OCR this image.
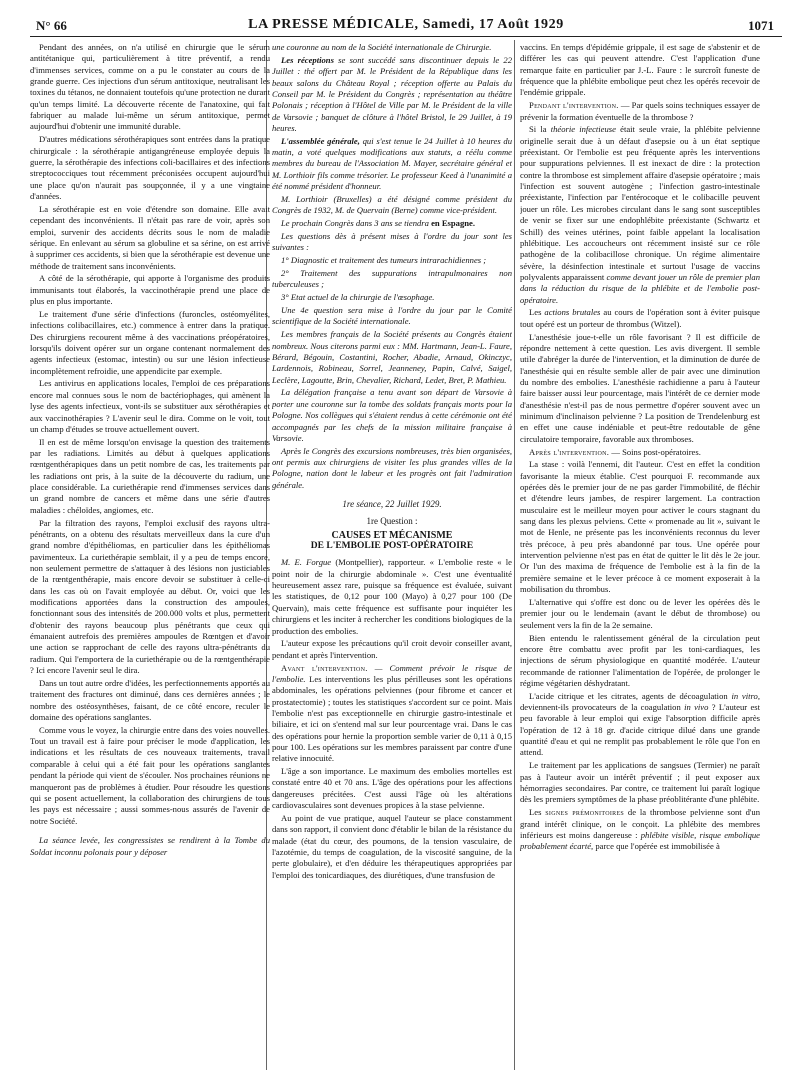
N° 66	LA PRESSE MÉDICALE, Samedi, 17 Août 1929	1071

Pendant des années, on n'a utilisé en chirurgie que le sérum antitétanique qui, particulièrement à titre préventif, a rendu d'immenses services, comme on a pu le constater au cours de la grande guerre. Ces injections d'un sérum antitoxique, neutralisant les toxines du tétanos, ne donnaient toutefois qu'une protection ne durant qu'un temps limité. La découverte récente de l'anatoxine, qui fait fabriquer au malade lui-même un sérum antitoxique, permet aujourd'hui d'obtenir une immunité durable.

D'autres médications sérothérapiques sont entrées dans la pratique chirurgicale : la sérothérapie antigangréneuse employée depuis la guerre, la sérothérapie des infections coli-bacillaires et des infections streptococciques tout récemment préconisées occupent aujourd'hui une place qu'on n'aurait pas soupçonnée, il y a une vingtaine d'années.

La sérothérapie est en voie d'étendre son domaine. Elle avait cependant des inconvénients. Il n'était pas rare de voir, après son emploi, survenir des accidents décrits sous le nom de maladie sérique. En enlevant au sérum sa globuline et sa sérine, on est arrivé à supprimer ces accidents, si bien que la sérothérapie est devenue une méthode de traitement sans inconvénients.

A côté de la sérothérapie, qui apporte à l'organisme des produits immunisants tout élaborés, la vaccinothérapie prend une place de plus en plus importante.

Le traitement d'une série d'infections (furoncles, ostéomyélites, infections colibacillaires, etc.) commence à entrer dans la pratique. Des chirurgiens recourent même à des vaccinations préopératoires, lorsqu'ils doivent opérer sur un organe contenant normalement des agents infectieux (estomac, intestin) ou sur une lésion infectieuse incomplètement refroidie, une appendicite par exemple.

Les antivirus en applications locales, l'emploi de ces préparations encore mal connues sous le nom de bactériophages, qui amènent la lyse des agents infectieux, vont-ils se substituer aux sérothérapies et aux vaccinothérapies ? L'avenir seul le dira. Comme on le voit, tout un champ d'études se trouve actuellement ouvert.

Il en est de même lorsqu'on envisage la question des traitements par les radiations. Limités au début à quelques applications rœntgenthérapiques dans un petit nombre de cas, les traitements par les radiations ont pris, à la suite de la découverte du radium, une place considérable. La curiethérapie rend d'immenses services dans un grand nombre de cancers et même dans une série d'autres maladies : chéloïdes, angiomes, etc.

Par la filtration des rayons, l'emploi exclusif des rayons ultra-pénétrants, on a obtenu des résultats merveilleux dans la cure d'un grand nombre d'épithéliomas, en particulier dans les épithéliomas pavimenteux. La curiethérapie semblait, il y a peu de temps encore, non seulement permettre de s'attaquer à des lésions non justiciables de la rœntgenthérapie, mais encore devoir se substituer à celle-ci dans les cas où on l'avait employée au début. Or, voici que les modifications apportées dans la construction des ampoules, fonctionnant sous des intensités de 200.000 volts et plus, permettent d'obtenir des rayons beaucoup plus pénétrants que ceux qui émanaient autrefois des premières ampoules de Rœntgen et d'avoir une action se rapprochant de celle des rayons ultra-pénétrants du radium. Qui l'emportera de la curiethérapie ou de la rœntgenthérapie ? Ici encore l'avenir seul le dira.

Dans un tout autre ordre d'idées, les perfectionnements apportés au traitement des fractures ont diminué, dans ces dernières années ; le nombre des ostéosynthèses, faisant, de ce côté encore, reculer le domaine des opérations sanglantes.

Comme vous le voyez, la chirurgie entre dans des voies nouvelles. Tout un travail est à faire pour préciser le mode d'application, les indications et les résultats de ces nouveaux traitements, travail comparable à celui qui a été fait pour les opérations sanglantes pendant la période qui vient de s'écouler. Nos prochaines réunions ne manqueront pas de problèmes à étudier. Pour résoudre les questions qui se posent actuellement, la collaboration des chirurgiens de tous les pays est nécessaire ; aussi sommes-nous assurés de l'avenir de notre Société.

La séance levée, les congressistes se rendirent à la Tombe du Soldat inconnu polonais pour y déposer

une couronne au nom de la Société internationale de Chirurgie.

Les réceptions se sont succédé sans discontinuer depuis le 22 Juillet : thé offert par M. le Président de la République dans les beaux salons du Château Royal ; réception offerte au Palais du Conseil par M. le Président du Congrès ; représentation au théâtre Polonais ; réception à l'Hôtel de Ville par M. le Président de la ville de Varsovie ; banquet de clôture à l'hôtel Bristol, le 29 Juillet, à 19 heures.

L'assemblée générale, qui s'est tenue le 24 Juillet à 10 heures du matin, a voté quelques modifications aux statuts, a réélu comme membres du bureau de l'Association M. Mayer, secrétaire général et M. Lorthioir fils comme trésorier. Le professeur Keed à l'unanimité a été nommé président d'honneur.

M. Lorthioir (Bruxelles) a été désigné comme président du Congrès de 1932, M. de Quervain (Berne) comme vice-président.

Le prochain Congrès dans 3 ans se tiendra en Espagne.

Les questions dès à présent mises à l'ordre du jour sont les suivantes :

1° Diagnostic et traitement des tumeurs intrarachidiennes ;

2° Traitement des suppurations intrapulmonaires non tuberculeuses ;

3° Etat actuel de la chirurgie de l'œsophage.

Une 4e question sera mise à l'ordre du jour par le Comité scientifique de la Société internationale.

Les membres français de la Société présents au Congrès étaient nombreux. Nous citerons parmi eux : MM. Hartmann, Jean-L. Faure, Bérard, Bégouin, Costantini, Rocher, Abadie, Arnaud, Okinczyc, Lardennois, Robineau, Sorrel, Jeanneney, Papin, Calvé, Saigel, Leclère, Lagoutte, Brin, Chevalier, Richard, Ledet, Bret, P. Mathieu.

La délégation française a tenu avant son départ de Varsovie à porter une couronne sur la tombe des soldats français morts pour la Pologne. Nos collègues qui s'étaient rendus à cette cérémonie ont été accompagnés par les chefs de la mission militaire française à Varsovie.

Après le Congrès des excursions nombreuses, très bien organisées, ont permis aux chirurgiens de visiter les plus grandes villes de la Pologne, nation dont le labeur et les progrès ont fait l'admiration générale.

1re séance, 22 Juillet 1929.
1re Question :
CAUSES ET MÉCANISME
DE L'EMBOLIE POST-OPÉRATOIRE

M. E. Forgue (Montpellier), rapporteur. « L'embolie reste « le point noir de la chirurgie abdominale ». C'est une éventualité heureusement assez rare, puisque sa fréquence est évaluée, suivant les statistiques, de 0,12 pour 100 (Mayo) à 0,27 pour 100 (De Quervain), mais cette fréquence est suffisante pour inquiéter les chirurgiens et les inciter à rechercher les conditions biologiques de la production des embolies.

L'auteur expose les précautions qu'il croit devoir conseiller avant, pendant et après l'intervention.

Avant l'intervention. — Comment prévoir le risque de l'embolie. Les interventions les plus périlleuses sont les opérations abdominales, les opérations pelviennes (pour fibrome et cancer et prostatectomie) ; toutes les statistiques s'accordent sur ce point. Mais l'embolie n'est pas exceptionnelle en chirurgie gastro-intestinale et biliaire, et ici on s'entend mal sur leur pourcentage vrai. Dans le cas des opérations pour hernie la proportion semble varier de 0,11 à 0,15 pour 100. Les opérations sur les membres paraissent par contre d'une relative innocuité.

L'âge a son importance. Le maximum des embolies mortelles est constaté entre 40 et 70 ans. L'âge des opérations pour les affections dangereuses précitées. C'est aussi l'âge où les altérations cardiovasculaires sont devenues propices à la stase pelvienne.

Au point de vue pratique, auquel l'auteur se place constamment dans son rapport, il convient donc d'établir le bilan de la résistance du malade (état du cœur, des poumons, de la tension vasculaire, de l'azotémie, du temps de coagulation, de la viscosité sanguine, de la perte globulaire), et d'en déduire les thérapeutiques appropriées par l'emploi des tonicardiaques, des diurétiques, d'une transfusion de

vaccins. En temps d'épidémie grippale, il est sage de s'abstenir et de différer les cas qui peuvent attendre. C'est l'application d'une remarque faite en particulier par J.-L. Faure : le surcroît funeste de fréquence que la phlébite embolique peut chez les opérés recevoir de l'endémie grippale.

Pendant l'intervention. — Par quels soins techniques essayer de prévenir la formation éventuelle de la thrombose ?

Si la théorie infectieuse était seule vraie, la phlébite pelvienne originelle serait due à un défaut d'asepsie ou à un état septique préexistant. Or l'embolie est peu fréquente après les interventions pour suppurations pelviennes. Il est inexact de dire : la protection contre la thrombose est simplement affaire d'asepsie opératoire ; mais l'infection est souvent autogène ; l'infection gastro-intestinale préexistante, l'infection par l'entérocoque et le colibacille peuvent jouer un rôle. Les microbes circulant dans le sang sont susceptibles de venir se fixer sur une endophlébite préexistante (Schwartz et Schill) des veines utérines, point faible appelant la localisation phlébitique. Les accoucheurs ont récemment insisté sur ce rôle pathogène de la colibacillose chronique. Un régime alimentaire sévère, la désinfection intestinale et surtout l'usage de vaccins polyvalents apparaissent comme devant jouer un rôle de premier plan dans la réduction du risque de la phlébite et de l'embolie post-opératoire.

Les actions brutales au cours de l'opération sont à éviter puisque tout opéré est un porteur de thrombus (Witzel).

L'anesthésie joue-t-elle un rôle favorisant ? Il est difficile de répondre nettement à cette question. Les avis divergent. Il semble utile d'abréger la durée de l'intervention, et la diminution de durée de l'anesthésie qui en résulte semble aller de pair avec une diminution du nombre des embolies. L'anesthésie rachidienne a paru à l'auteur faire baisser aussi leur pourcentage, mais l'intérêt de ce dernier mode d'anesthésie n'est-il pas de nous permettre d'opérer souvent avec un minimum d'inclinaison pelvienne ? La position de Trendelenburg est en effet une cause indéniable et peut-être redoutable de gêne circulatoire temporaire, favorable aux thromboses.

Après l'intervention. — Soins post-opératoires.

La stase : voilà l'ennemi, dit l'auteur. C'est en effet la condition favorisante la mieux établie. C'est pourquoi F. recommande aux opérées dès le premier jour de ne pas garder l'immobilité, de fléchir et d'étendre leurs jambes, de respirer largement. La contraction musculaire est le meilleur moyen pour activer le cours stagnant du sang dans les plexus pelviens. Cette « promenade au lit », suivant le mot de Henle, ne présente pas les inconvénients reconnus du lever très précoce, à peu près abandonné par tous. Une opérée pour intervention pelvienne n'est pas en état de quitter le lit dès le 2e jour. Or l'un des maxima de fréquence de l'embolie est à la fin de la première semaine et le lever précoce à ce moment exposerait à la mobilisation du thrombus.

L'alternative qui s'offre est donc ou de lever les opérées dès le premier jour ou le lendemain (avant le début de thrombose) ou seulement vers la fin de la 2e semaine.

Bien entendu le ralentissement général de la circulation peut encore être combattu avec profit par les toni-cardiaques, les injections de sérum physiologique en quantité modérée. L'auteur recommande de rationner l'alimentation de l'opérée, de prolonger le régime végétarien déshydratant.

L'acide citrique et les citrates, agents de décoagulation in vitro, deviennent-ils provocateurs de la coagulation in vivo ? L'auteur est peu favorable à leur emploi qui exige l'absorption difficile après l'opération de 12 à 18 gr. d'acide citrique dilué dans une grande quantité d'eau et qui ne remplit pas probablement le rôle que l'on en attend.

Le traitement par les applications de sangsues (Termier) ne paraît pas à l'auteur avoir un intérêt préventif ; il peut exposer aux hémorragies secondaires. Par contre, ce traitement lui paraît logique dès les premiers symptômes de la phase préoblitérante d'une phlébite.

Les signes prémonitoires de la thrombose pelvienne sont d'un grand intérêt clinique, on le conçoit. La phlébite des membres inférieurs est moins dangereuse : phlébite visible, risque embolique probablement écarté, parce que l'opérée est immobilisée à
